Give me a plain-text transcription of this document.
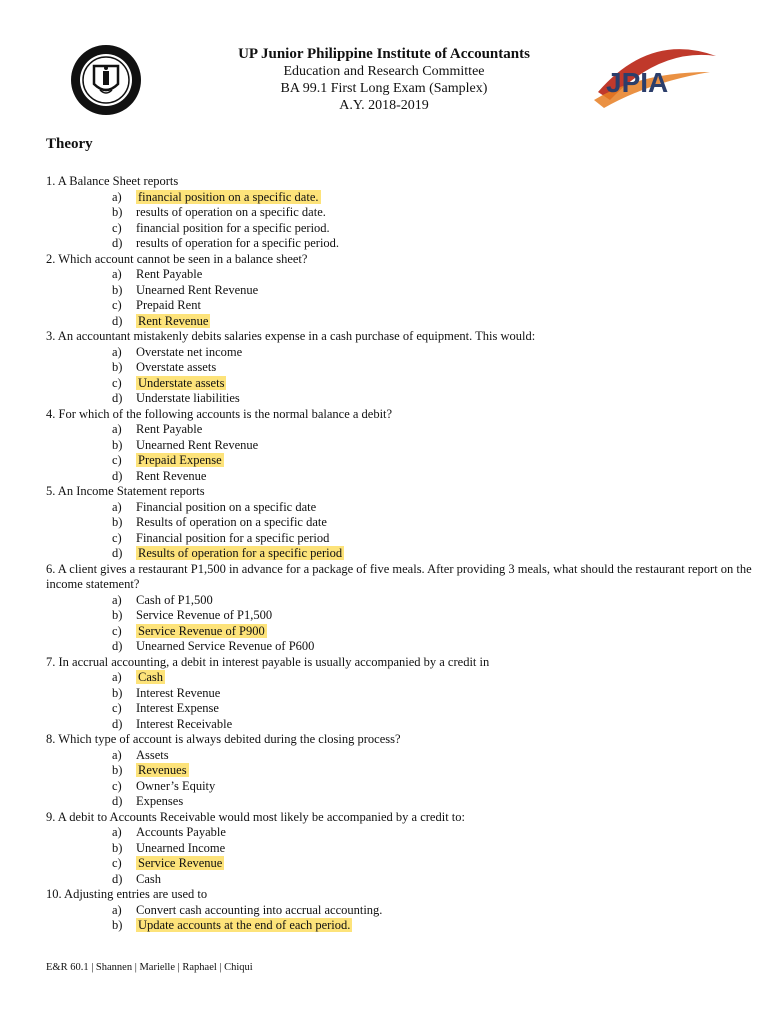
UP Junior Philippine Institute of Accountants
Education and Research Committee
BA 99.1 First Long Exam (Samplex)
A.Y. 2018-2019
JPIA
Theory
1. A Balance Sheet reports
a) financial position on a specific date.
b) results of operation on a specific date.
c) financial position for a specific period.
d) results of operation for a specific period.
2. Which account cannot be seen in a balance sheet?
a) Rent Payable
b) Unearned Rent Revenue
c) Prepaid Rent
d) Rent Revenue
3. An accountant mistakenly debits salaries expense in a cash purchase of equipment. This would:
a) Overstate net income
b) Overstate assets
c) Understate assets
d) Understate liabilities
4. For which of the following accounts is the normal balance a debit?
a) Rent Payable
b) Unearned Rent Revenue
c) Prepaid Expense
d) Rent Revenue
5. An Income Statement reports
a) Financial position on a specific date
b) Results of operation on a specific date
c) Financial position for a specific period
d) Results of operation for a specific period
6. A client gives a restaurant P1,500 in advance for a package of five meals. After providing 3 meals, what should the restaurant report on the income statement?
a) Cash of P1,500
b) Service Revenue of P1,500
c) Service Revenue of P900
d) Unearned Service Revenue of P600
7. In accrual accounting, a debit in interest payable is usually accompanied by a credit in
a) Cash
b) Interest Revenue
c) Interest Expense
d) Interest Receivable
8. Which type of account is always debited during the closing process?
a) Assets
b) Revenues
c) Owner’s Equity
d) Expenses
9. A debit to Accounts Receivable would most likely be accompanied by a credit to:
a) Accounts Payable
b) Unearned Income
c) Service Revenue
d) Cash
10. Adjusting entries are used to
a) Convert cash accounting into accrual accounting.
b) Update accounts at the end of each period.
E&R 60.1 | Shannen | Marielle | Raphael | Chiqui
